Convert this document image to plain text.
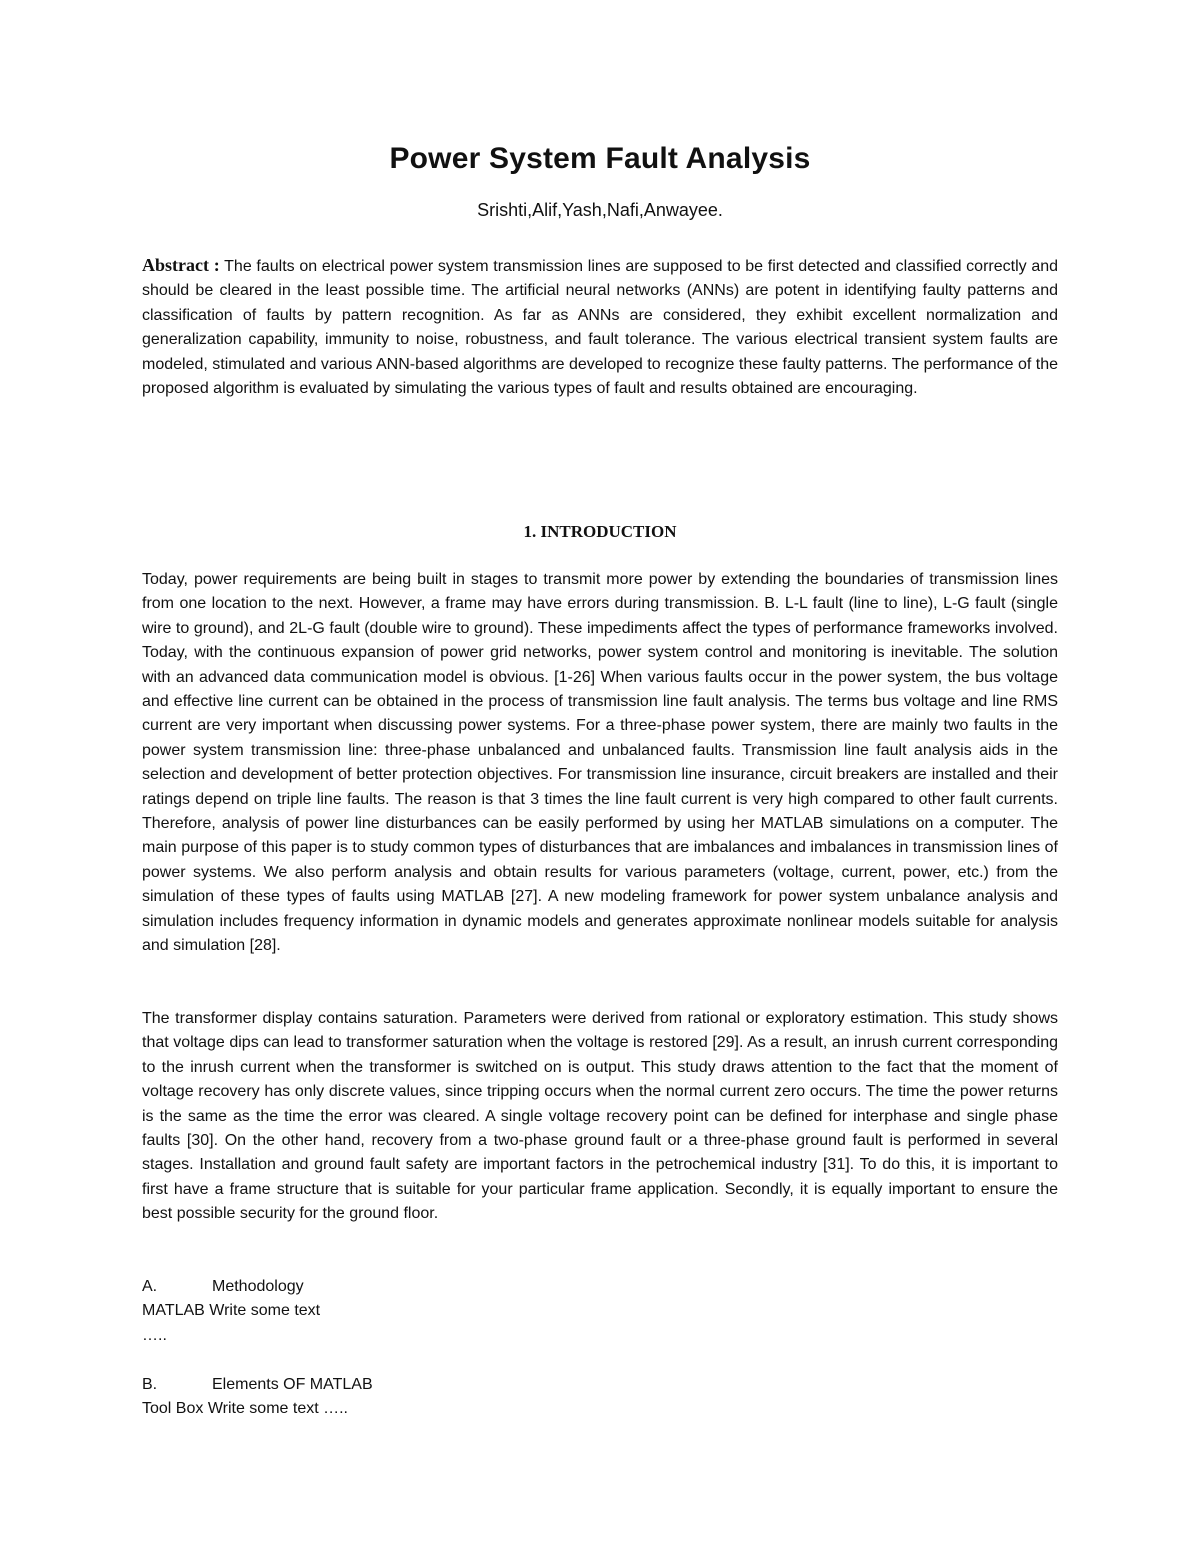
Power System Fault Analysis

Srishti,Alif,Yash,Nafi,Anwayee.

Abstract : The faults on electrical power system transmission lines are supposed to be first detected and classified correctly and should be cleared in the least possible time. The artificial neural networks (ANNs) are potent in identifying faulty patterns and classification of faults by pattern recognition. As far as ANNs are considered, they exhibit excellent normalization and generalization capability, immunity to noise, robustness, and fault tolerance. The various electrical transient system faults are modeled, stimulated and various ANN-based algorithms are developed to recognize these faulty patterns. The performance of the proposed algorithm is evaluated by simulating the various types of fault and results obtained are encouraging.

1. INTRODUCTION

Today, power requirements are being built in stages to transmit more power by extending the boundaries of transmission lines from one location to the next. However, a frame may have errors during transmission. B. L-L fault (line to line), L-G fault (single wire to ground), and 2L-G fault (double wire to ground). These impediments affect the types of performance frameworks involved. Today, with the continuous expansion of power grid networks, power system control and monitoring is inevitable. The solution with an advanced data communication model is obvious. [1-26] When various faults occur in the power system, the bus voltage and effective line current can be obtained in the process of transmission line fault analysis. The terms bus voltage and line RMS current are very important when discussing power systems. For a three-phase power system, there are mainly two faults in the power system transmission line: three-phase unbalanced and unbalanced faults. Transmission line fault analysis aids in the selection and development of better protection objectives. For transmission line insurance, circuit breakers are installed and their ratings depend on triple line faults. The reason is that 3 times the line fault current is very high compared to other fault currents. Therefore, analysis of power line disturbances can be easily performed by using her MATLAB simulations on a computer. The main purpose of this paper is to study common types of disturbances that are imbalances and imbalances in transmission lines of power systems. We also perform analysis and obtain results for various parameters (voltage, current, power, etc.) from the simulation of these types of faults using MATLAB [27]. A new modeling framework for power system unbalance analysis and simulation includes frequency information in dynamic models and generates approximate nonlinear models suitable for analysis and simulation [28].

The transformer display contains saturation. Parameters were derived from rational or exploratory estimation. This study shows that voltage dips can lead to transformer saturation when the voltage is restored [29]. As a result, an inrush current corresponding to the inrush current when the transformer is switched on is output. This study draws attention to the fact that the moment of voltage recovery has only discrete values, since tripping occurs when the normal current zero occurs. The time the power returns is the same as the time the error was cleared. A single voltage recovery point can be defined for interphase and single phase faults [30]. On the other hand, recovery from a two-phase ground fault or a three-phase ground fault is performed in several stages. Installation and ground fault safety are important factors in the petrochemical industry [31]. To do this, it is important to first have a frame structure that is suitable for your particular frame application. Secondly, it is equally important to ensure the best possible security for the ground floor.

A.	Methodology

MATLAB Write some text

…..

B.	Elements OF MATLAB

Tool Box Write some text …..
